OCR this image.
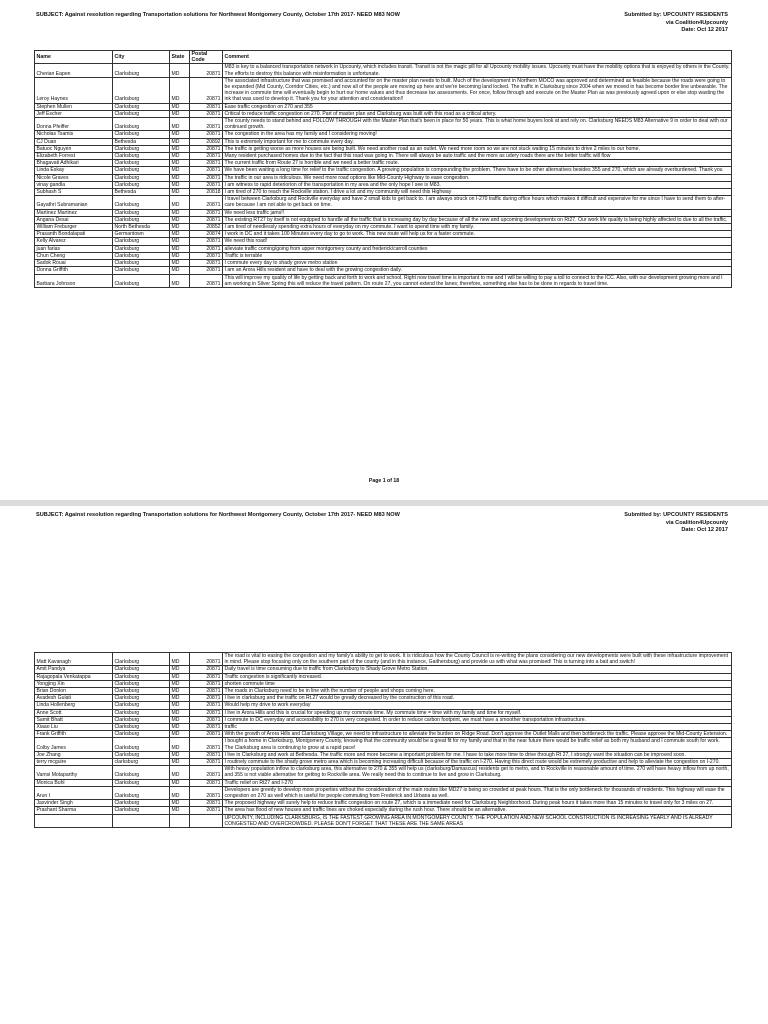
SUBJECT: Against resolution regarding Transportation solutions for Northwest Montgomery County, October 17th 2017- NEED M83 NOW	Submitted by: UPCOUNTY RESIDENTS
via Coalition4Upcounty
Date: Oct 12 2017
Name	City	State	Postal Code	Comment
Cherian Eapen	Clarksburg	MD	20871	M83 is key to a balanced transportation network in Upcounty, which includes transit. Transit is not the magic pill for all Upcounty mobility issues. Upcounty must have the mobility options that is enjoyed by others in the County. The efforts to destroy this balance with misinformation is unfortunate.
Leroy Haynes	Clarksburg	MD	20871	The associated infrastructure that was promised and accounted for on the master plan needs to built. Much of the development in Northern MOCO was approved and determined as feasible because the roads were going to be expanded (Mid County, Corridor Cities, etc.) and now all of the people are moving up here and we're becoming land locked. The traffic in Clarksburg since 2004 when we moved in has become border line unbearable. The increase in commute time will eventually begin to hurt our home values and thus decrease tax assessments. For once, follow through and execute on the Master Plan as was previously agreed upon or else stop wasting the ink that was used to develop it. Thank you for your attention and consideration!!
Stephen Mullen	Clarksburg	MD	20871	Ease traffic congestion on 270 and 355
Jeff Escher	Clarksburg	MD	20871	Critical to reduce traffic congestion on 270. Part of master plan and Clarksburg was built with this road as a critical artery.
Donna Pfeiffer	Clarksburg	MD	20871	The county needs to stand behind and FOLLOW THROUGH with the Master Plan that's been in place for 50 years. This is what home buyers look at and rely on. Clarksburg NEEDS M83 Alternative 9 in order to deal with our continued growth.
Nicholas Tsamis	Clarksburg	MD	20871	The congestion in the area has my family and I considering moving!
CJ Duan	Bethesda	MD	20892	This is extremely important for me to commute every day.
Batuoc Nguyen	Clarksburg	MD	20871	The traffic is getting worse as more houses are being built. We need another road as an outlet. We need more room so we are not stuck waiting 15 minutes to drive 2 miles to our home.
Elizabeth Forrest	Clarksburg	MD	20871	Many resident purchased homes due to the fact that this road was going in. There will always be auto traffic and the more as udery roads there are the better traffic will flow
Bhagavati Adhikari	Clarksburg	MD	20871	The current traffic from Route 27 is horrible and we need a better traffic route.
Linda Eskay	Clarksburg	MD	20871	We have been waiting a long time for relief to the traffic congestion. A growing population is compounding the problem. There have to be other alternatives besides 355 and 270, which are already overburdened. Thank you
Nicole Graves	Clarksburg	MD	20871	The traffic in our area is ridiculous. We need more road options like Mid-County Highway to ease congestion.
vinay gandla	Clarksburg	MD	20871	I am witness to rapid deteriorion of the transportation in my area and the only hope I see is M83.
Subhash S	Bethesda	MD	20818	I am tired of 270 to reach the Rockville station. I drive a lot and my community will need this Highway
Gayathri Subramanian	Clarksburg	MD	20871	I travel between Clarksburg and Rockville everyday and have 2 small kids to get back to. I am always struck on I-270 traffic during office hours which makes it difficult and expensive for me since I have to send them to after-care because I am not able to get back on time.
Martinez Martinez	Clarksburg	MD	20871	We need less traffic jams!!
Angana Desai	Clarksburg	MD	20871	The existing RT27 by itself is not equipped to handle all the traffic that is increasing day by day because of all the new and upcoming developments on Rt27. Our work life quality is being highly affected to due to all the traffic.
William Freburger	North Bethesda	MD	20852	I am tired of needlessly spending extra hours of everyday on my commute. I want to spend time with my family.
Prasanth Bondalapati	Germantown	MD	20874	I work in DC and it takes 100 Minutes every day to go to work. This new route will help us for a faster commute.
Kelly Alvarez	Clarksburg	MD	20871	We need this road!
juan farias	Clarksburg	MD	20871	alleviate traffic coming/going from upper montgomery county and frederick/carroll counties
Chun Cheng	Clarksburg	MD	20871	Traffic is terrable
Sadok Rouai	Clarksburg	MD	20871	I commute every day to shady grove metro station
Donna Griffith	Clarksburg	MD	20871	I am an Arora Hills resident and have to deal with the growing congestion daily.
Barbara Johnson	Clarksburg	MD	20871	This will improve my quality of life by getting back and forth to work and school. Right now travel time is important to me and I will be willing to pay a toll to connect to the ICC. Also, with our development growing more and I am working in Silver Spring this will reduce the travel pattern. On route 27, you cannot extend the lanes; therefore, something else has to be done in regards to travel time.
Page 1 of 18
SUBJECT: Against resolution regarding Transportation solutions for Northwest Montgomery County, October 17th 2017- NEED M83 NOW	Submitted by: UPCOUNTY RESIDENTS
via Coalition4Upcounty
Date: Oct 12 2017
Matt Kavanagh	Clarksburg	MD	20871	The road is vital to easing the congestion and my family's ability to get to work. It is ridiculous how the County Council is re-writing the plans considering our new developments were built with these infrastructure improvement in mind. Please stop focusing only on the southern part of the county (and in this instance, Gaithersburg) and provide us with what was promised! This is turning into a bait and switch!
Amit Pandya	Clarksburg	MD	20871	Daily travel is time consuming due to traffic from Clarksburg to Shady Grove Metro Station.
Rajagopala Venkatappa	Clarksburg	MD	20871	Traffic congestion is significantly increased.
Yongjing Xin	Clarksburg	MD	20871	shorten commute time
Brian Donlon	Clarksburg	MD	20871	The roads in Clarksburg need to be in line with the number of people and shops coming here.
Avadesh Gulati	Clarksburg	MD	20871	I live in clarksburg and the traffic on Rt.27 would be greatly decreased by the construction of this road.
Linda Hollenberg	Clarksburg	MD	20871	Would help my drive to work everyday
Anne Scott	Clarksburg	MD	20871	I live in Arora Hills and this is crucial for speeding up my commute time. My commute time = time with my family and time for myself.
Samit Bhatt	Clarksburg	MD	20871	I commute to DC everyday and accessibility to 270 is very congested. In order to reduce carbon footprint, we must have a smoother transportation infrastructure.
Xiaao Liu	Clarksburg	MD	20871	traffic
Frank Griffith	Clarksburg	MD	20871	With the growth of Arora Hills and Clarksburg Village, we need to infrastructure to alleviate the burden on Ridge Road. Don't approve the Outlet Malls and then bottleneck the traffic. Please approve the Mid-County Extension.
Colby James	Clarksburg	MD	20871	I bought a home in Clarksburg, Montgomery County, knowing that the community would be a great fit for my family and that in the near future there would be traffic relief as both my husband and I commute south for work. The Clarksburg area is continuing to grow at a rapid pace!
Joe Zhang	Clarksburg	MD	20871	I live in Clarksburg and work at Bethesda. The traffic more and more become a important problem for me. I have to take more time to drive through Rt 27, I strongly want the situation can be improved soon.
terry mcguire	clarksburg	MD	20871	I routinely commute to the shady grove metro area which is becoming increasing difficult because of the traffic on I-270. Having this direct route would be extremely productive and help to alleviate the congestion on I-270.
Vamsi Motaparthy	Clarksburg	MD	20871	With heavy population inflow to clarksburg area, this alternative to 270 & 355 will help us (clarksburg/Damascus) residents get to metro, and to Rockville in reasonable amount of time. 270 will have heavy inflow from up north, and 355 is not viable alternative for getting to Rockville area. We really need this to continue to live and grow in Clarksburg.
Monica Buhl	Clarksburg	MD	20871	Traffic relief on Rt27 and I-270
Arun I	Clarksburg	MD	20871	Developers are greedy to develop more properties without the consideration of the main routes like MD27 is being so crowded at peak hours. That is the only bottleneck for thousands of residents. This highway will ease the congestion on 270 as well which is useful for people commuting from Frederick and Urbana as well.
Jasvinder Singh	Clarksburg	MD	20871	The proposed highway will surely help to reduce traffic congestion on route 27, which is a immediate need for Clarksburg Neighborhood. During peak hours it takes more than 15 minutes to travel only for 3 miles on 27.
Prashant Sharma	Clarksburg	MD	20871	The area has flood of new houses and traffic lines are choked especially during the rush hour. There should be an alternative.
				UPCOUNTY, INCLUDING CLARKSBURG, IS THE FASTEST GROWING AREA IN MONTGOMERY COUNTY. THE POPULATION AND NEW SCHOOL CONSTRUCTION IS INCREASING YEARLY AND IS ALREADY CONGESTED AND OVERCROWDED. PLEASE DON'T FORGET THAT THESE ARE THE SAME AREAS
